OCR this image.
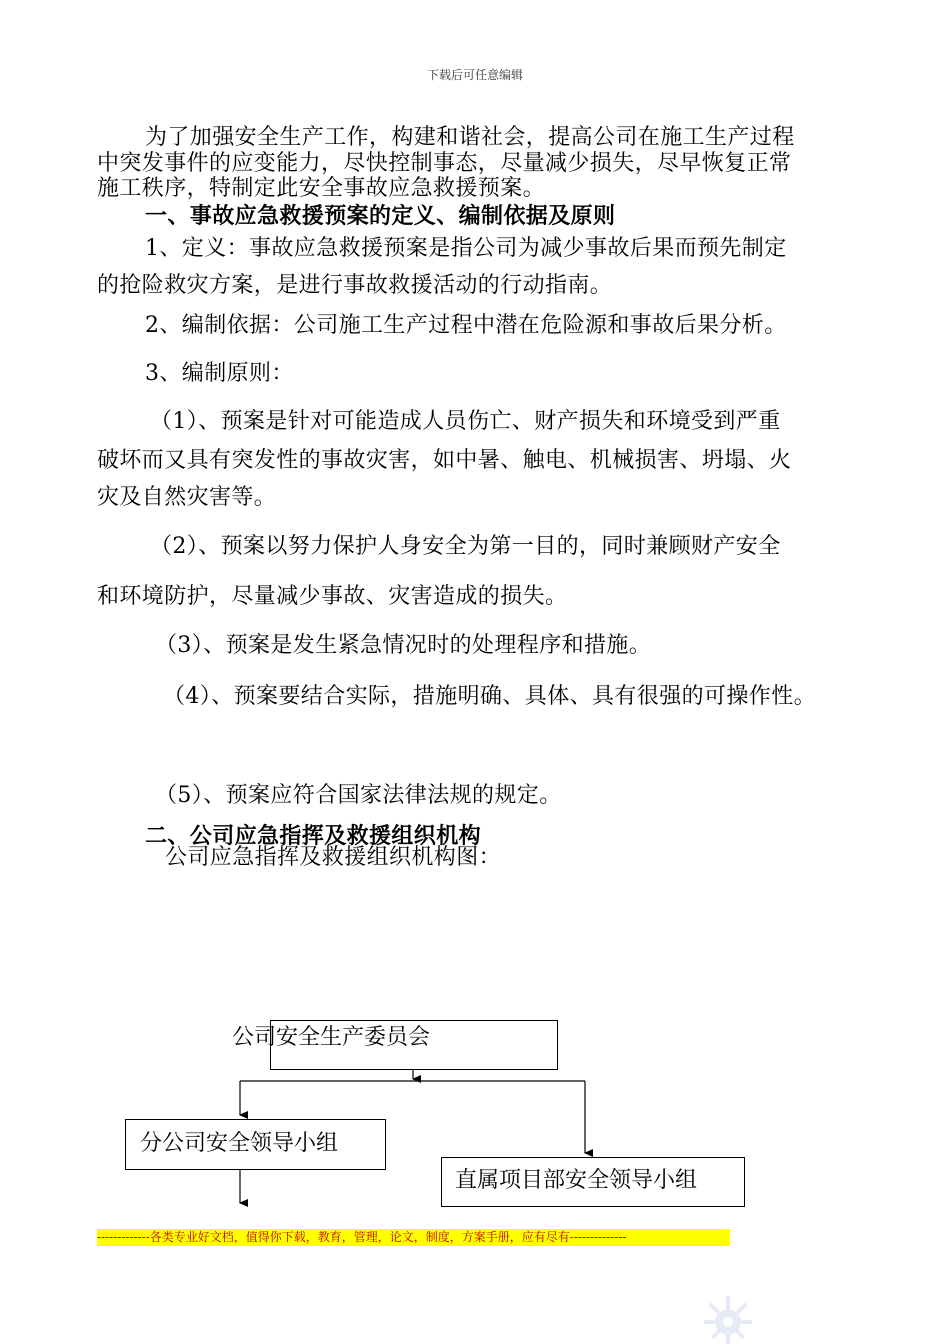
下载后可任意编辑
为了加强安全生产工作，构建和谐社会，提高公司在施工生产过程
中突发事件的应变能力，尽快控制事态，尽量减少损失，尽早恢复正常
施工秩序，特制定此安全事故应急救援预案。
一、事故应急救援预案的定义、编制依据及原则
1、定义：事故应急救援预案是指公司为减少事故后果而预先制定
的抢险救灾方案，是进行事故救援活动的行动指南。
2、编制依据：公司施工生产过程中潜在危险源和事故后果分析。
3、编制原则：
（1）、预案是针对可能造成人员伤亡、财产损失和环境受到严重
破坏而又具有突发性的事故灾害，如中暑、触电、机械损害、坍塌、火
灾及自然灾害等。
（2）、预案以努力保护人身安全为第一目的，同时兼顾财产安全
和环境防护，尽量减少事故、灾害造成的损失。
（3）、预案是发生紧急情况时的处理程序和措施。
（4）、预案要结合实际，措施明确、具体、具有很强的可操作性。
（5）、预案应符合国家法律法规的规定。
二、公司应急指挥及救援组织机构
公司应急指挥及救援组织机构图：
公司安全生产委员会
分公司安全领导小组
直属项目部安全领导小组
-------------各类专业好文档，值得你下载，教育，管理，论文，制度，方案手册，应有尽有--------------
